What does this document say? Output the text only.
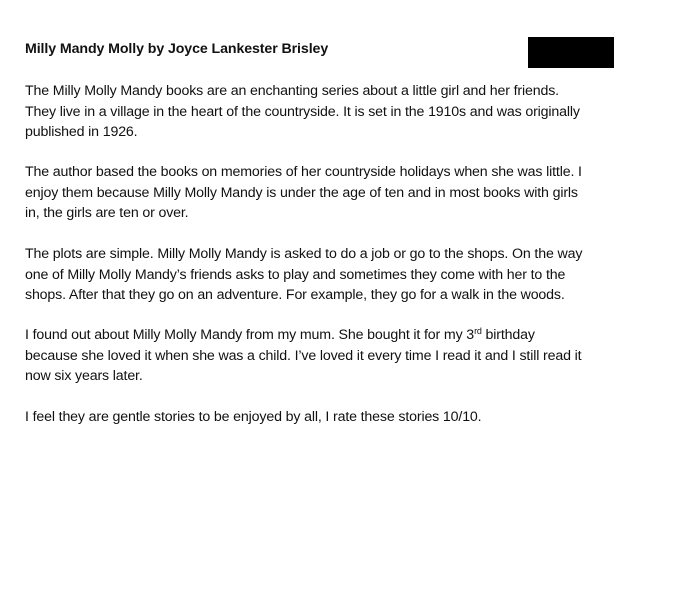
Milly Mandy Molly by Joyce Lankester Brisley
The Milly Molly Mandy books are an enchanting series about a little girl and her friends.
They live in a village in the heart of the countryside. It is set in the 1910s and was originally
published in 1926.
The author based the books on memories of her countryside holidays when she was little. I
enjoy them because Milly Molly Mandy is under the age of ten and in most books with girls
in, the girls are ten or over.
The plots are simple. Milly Molly Mandy is asked to do a job or go to the shops. On the way
one of Milly Molly Mandy’s friends asks to play and sometimes they come with her to the
shops. After that they go on an adventure. For example, they go for a walk in the woods.
I found out about Milly Molly Mandy from my mum. She bought it for my 3rd birthday
because she loved it when she was a child. I’ve loved it every time I read it and I still read it
now six years later.
I feel they are gentle stories to be enjoyed by all, I rate these stories 10/10.
